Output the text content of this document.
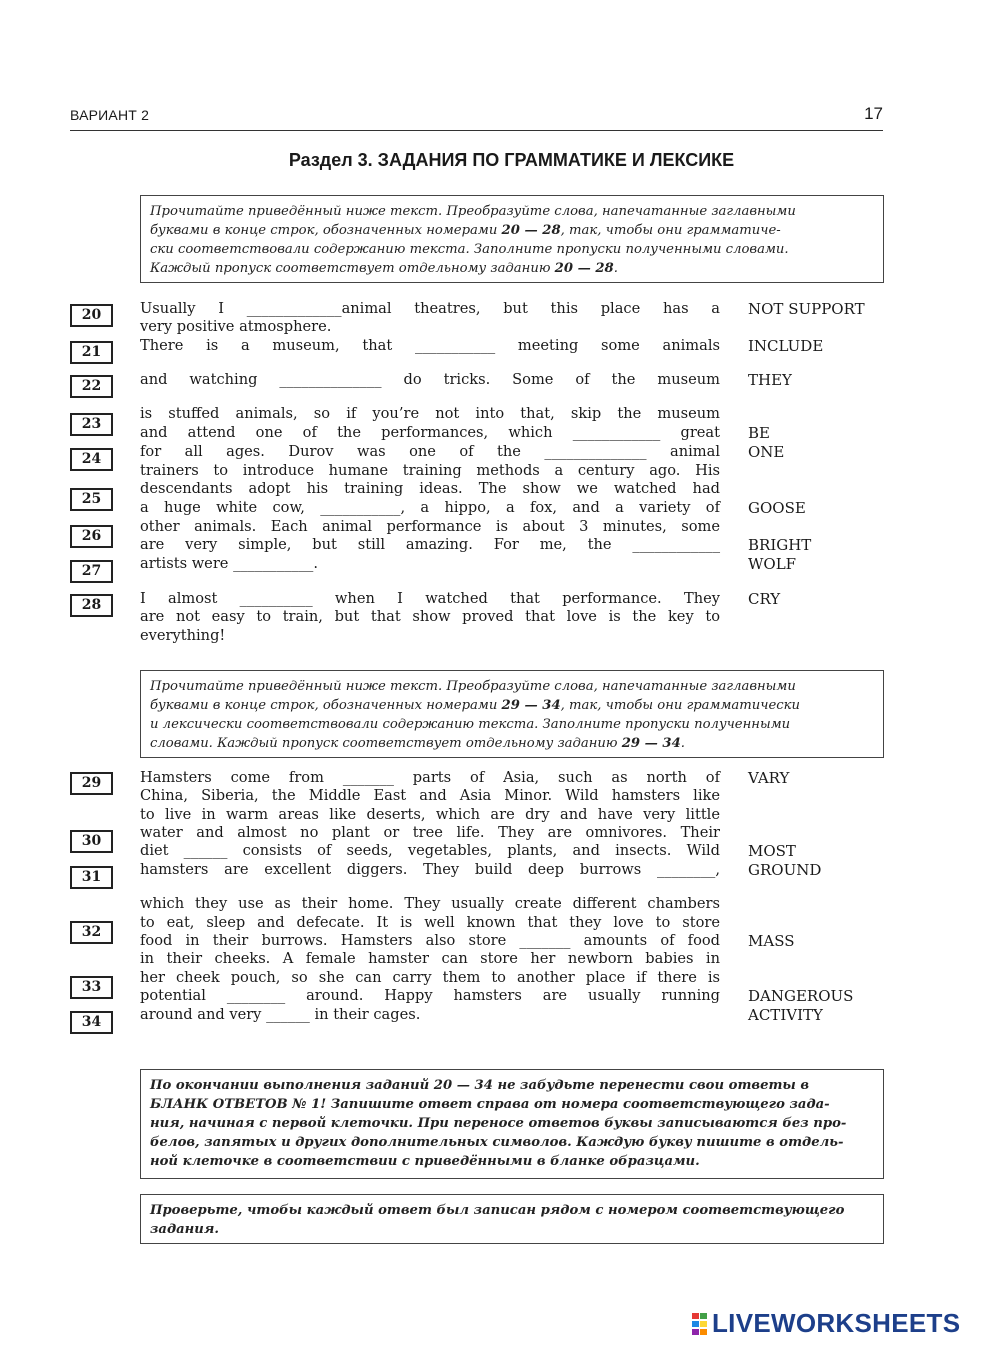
ВАРИАНТ 2	17
Раздел 3. ЗАДАНИЯ ПО ГРАММАТИКЕ И ЛЕКСИКЕ
Прочитайте приведённый ниже текст. Преобразуйте слова, напечатанные заглавными
буквами в конце строк, обозначенных номерами 20 — 28, так, чтобы они грамматиче-
ски соответствовали содержанию текста. Заполните пропуски полученными словами.
Каждый пропуск соответствует отдельному заданию 20 — 28.
20
21
22
23
24
25
26
27
28
Usually I _____________animal theatres, but this place has a
very positive atmosphere.
There is a museum, that ___________ meeting some animals
and watching ______________ do tricks. Some of the museum
is stuffed animals, so if you’re not into that, skip the museum
and attend one of the performances, which ____________ great
for all ages. Durov was one of the ______________ animal
trainers to introduce humane training methods a century ago. His
descendants adopt his training ideas. The show we watched had
a huge white cow, ___________, a hippo, a fox, and a variety of
other animals. Each animal performance is about 3 minutes, some
are very simple, but still amazing. For me, the ____________
artists were ___________.
I almost __________ when I watched that performance. They
are not easy to train, but that show proved that love is the key to
everything!
NOT SUPPORT
INCLUDE
THEY
BE
ONE
GOOSE
BRIGHT
WOLF
CRY
Прочитайте приведённый ниже текст. Преобразуйте слова, напечатанные заглавными
буквами в конце строк, обозначенных номерами 29 — 34, так, чтобы они грамматически
и лексически соответствовали содержанию текста. Заполните пропуски полученными
словами. Каждый пропуск соответствует отдельному заданию 29 — 34.
29
30
31
32
33
34
Hamsters come from _______ parts of Asia, such as north of
China, Siberia, the Middle East and Asia Minor. Wild hamsters like
to live in warm areas like deserts, which are dry and have very little
water and almost no plant or tree life. They are omnivores. Their
diet ______ consists of seeds, vegetables, plants, and insects. Wild
hamsters are excellent diggers. They build deep burrows ________,
which they use as their home. They usually create different chambers
to eat, sleep and defecate. It is well known that they love to store
food in their burrows. Hamsters also store _______ amounts of food
in their cheeks. A female hamster can store her newborn babies in
her cheek pouch, so she can carry them to another place if there is
potential ________ around. Happy hamsters are usually running
around and very ______ in their cages.
VARY
MOST
GROUND
MASS
DANGEROUS
ACTIVITY
По окончании выполнения заданий 20 — 34 не забудьте перенести свои ответы в
БЛАНК ОТВЕТОВ № 1! Запишите ответ справа от номера соответствующего зада-
ния, начиная с первой клеточки. При переносе ответов буквы записываются без про-
белов, запятых и других дополнительных символов. Каждую букву пишите в отдель-
ной клеточке в соответствии с приведёнными в бланке образцами.
Проверьте, чтобы каждый ответ был записан рядом с номером соответствующего
задания.
LIVEWORKSHEETS
